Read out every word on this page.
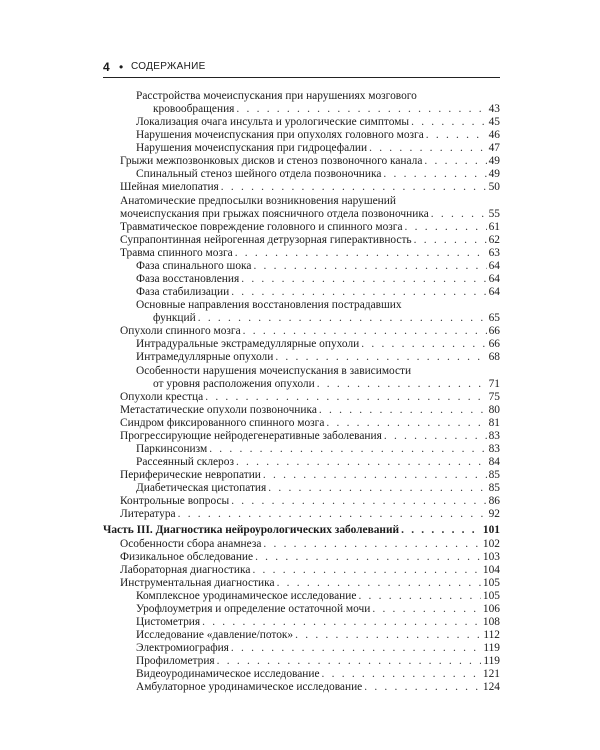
4 • СОДЕРЖАНИЕ
Расстройства мочеиспускания при нарушениях мозгового
кровообращения . . .	43
Локализация очага инсульта и урологические симптомы . . .	45
Нарушения мочеиспускания при опухолях головного мозга . . .	46
Нарушения мочеиспускания при гидроцефалии . . .	47
Грыжи межпозвонковых дисков и стеноз позвоночного канала . . .	49
Спинальный стеноз шейного отдела позвоночника . . .	49
Шейная миелопатия . . .	50
Анатомические предпосылки возникновения нарушений
мочеиспускания при грыжах поясничного отдела позвоночника . . .	55
Травматическое повреждение головного и спинного мозга . . .	61
Супрапонтинная нейрогенная детрузорная гиперактивность . . .	62
Травма спинного мозга . . .	63
Фаза спинального шока . . .	64
Фаза восстановления . . .	64
Фаза стабилизации . . .	64
Основные направления восстановления пострадавших
функций . . .	65
Опухоли спинного мозга . . .	66
Интрадуральные экстрамедуллярные опухоли . . .	66
Интрамедуллярные опухоли . . .	68
Особенности нарушения мочеиспускания в зависимости
от уровня расположения опухоли . . .	71
Опухоли крестца . . .	75
Метастатические опухоли позвоночника . . .	80
Синдром фиксированного спинного мозга . . .	81
Прогрессирующие нейродегенеративные заболевания . . .	83
Паркинсонизм . . .	83
Рассеянный склероз . . .	84
Периферические невропатии . . .	85
Диабетическая цистопатия . . .	85
Контрольные вопросы . . .	86
Литература . . .	92
Часть III. Диагностика нейроурологических заболеваний . . .	101
Особенности сбора анамнеза . . .	102
Физикальное обследование . . .	103
Лабораторная диагностика . . .	104
Инструментальная диагностика . . .	105
Комплексное уродинамическое исследование . . .	105
Урофлоуметрия и определение остаточной мочи . . .	106
Цистометрия . . .	108
Исследование «давление/поток» . . .	112
Электромиография . . .	119
Профилометрия . . .	119
Видеоуродинамическое исследование . . .	121
Амбулаторное уродинамическое исследование . . .	124
